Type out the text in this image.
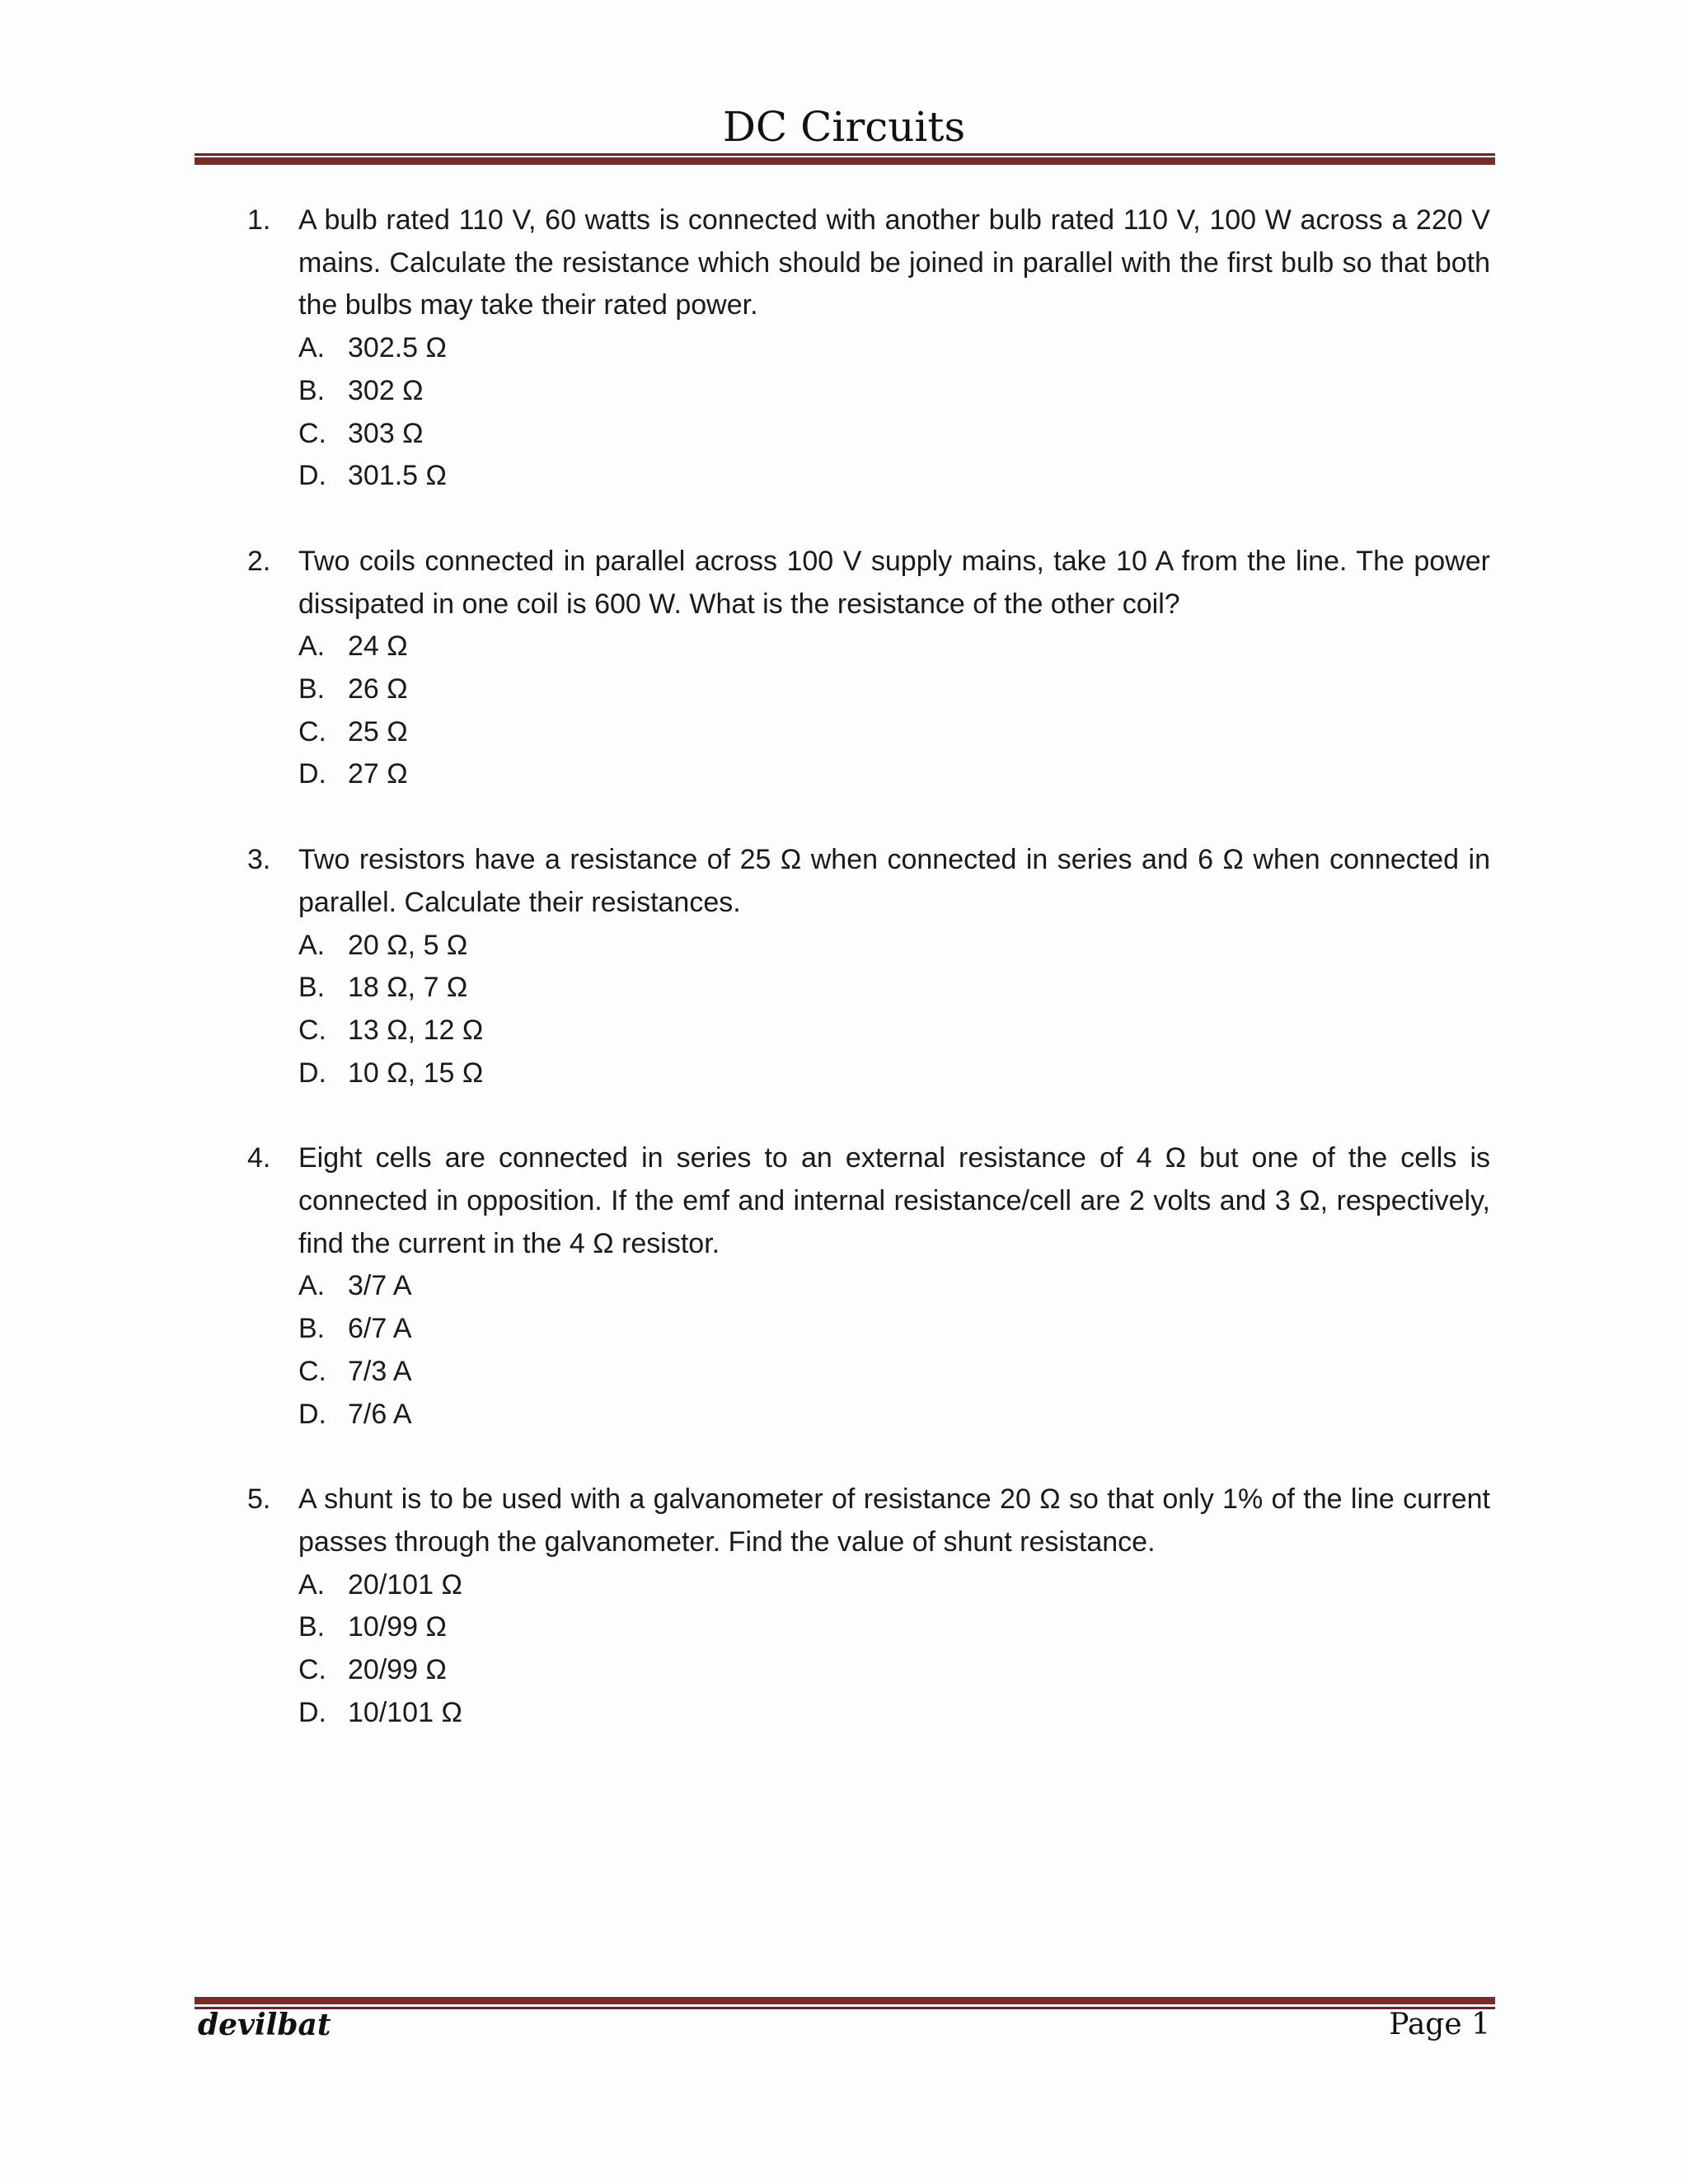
DC Circuits
1. A bulb rated 110 V, 60 watts is connected with another bulb rated 110 V, 100 W across a 220 V mains. Calculate the resistance which should be joined in parallel with the first bulb so that both the bulbs may take their rated power.
A. 302.5 Ω
B. 302 Ω
C. 303 Ω
D. 301.5 Ω
2. Two coils connected in parallel across 100 V supply mains, take 10 A from the line. The power dissipated in one coil is 600 W. What is the resistance of the other coil?
A. 24 Ω
B. 26 Ω
C. 25 Ω
D. 27 Ω
3. Two resistors have a resistance of 25 Ω when connected in series and 6 Ω when connected in parallel. Calculate their resistances.
A. 20 Ω, 5 Ω
B. 18 Ω, 7 Ω
C. 13 Ω, 12 Ω
D. 10 Ω, 15 Ω
4. Eight cells are connected in series to an external resistance of 4 Ω but one of the cells is connected in opposition. If the emf and internal resistance/cell are 2 volts and 3 Ω, respectively, find the current in the 4 Ω resistor.
A. 3/7 A
B. 6/7 A
C. 7/3 A
D. 7/6 A
5. A shunt is to be used with a galvanometer of resistance 20 Ω so that only 1% of the line current passes through the galvanometer. Find the value of shunt resistance.
A. 20/101 Ω
B. 10/99 Ω
C. 20/99 Ω
D. 10/101 Ω
devilbat	Page 1
